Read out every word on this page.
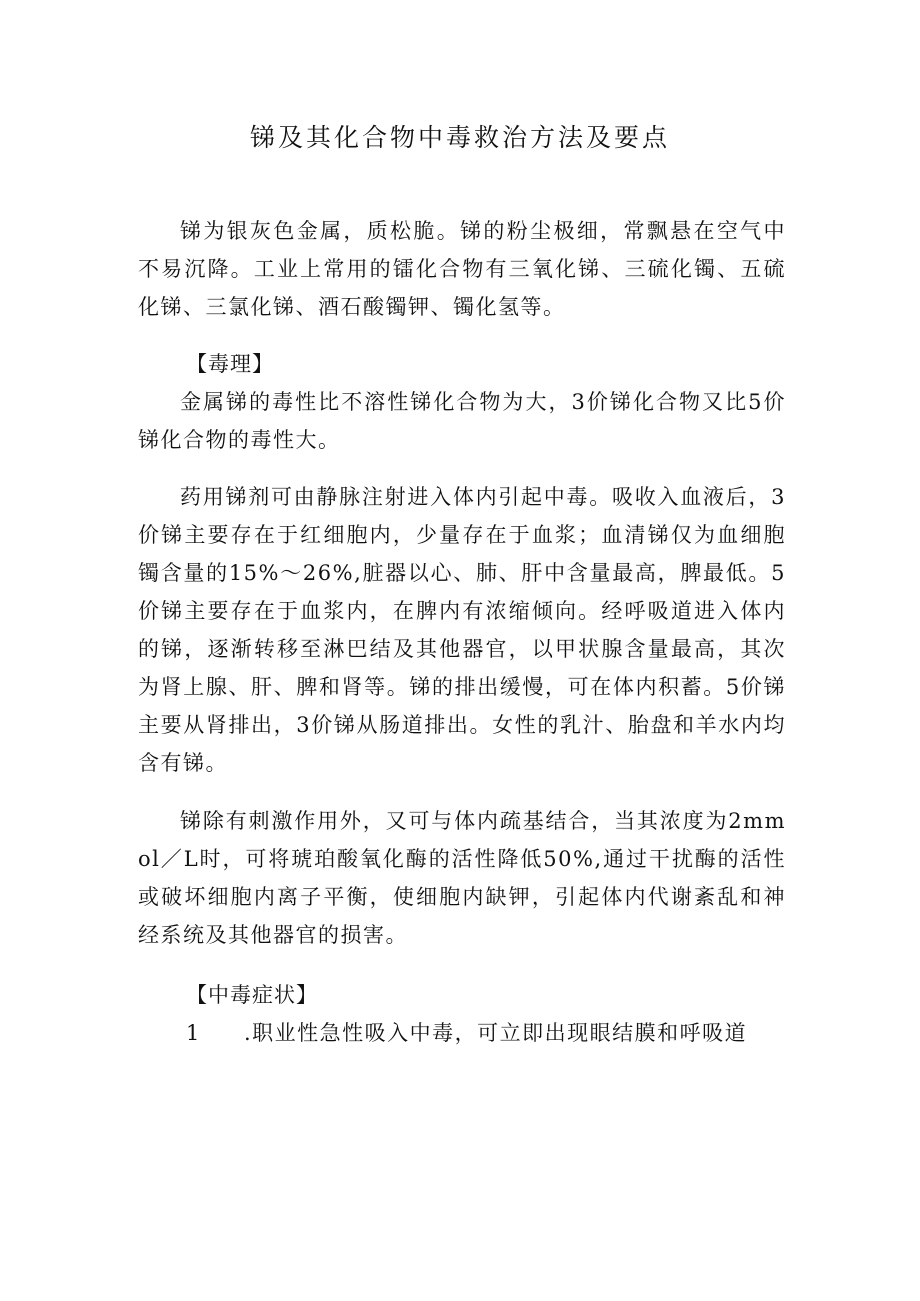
锑及其化合物中毒救治方法及要点

锑为银灰色金属，质松脆。锑的粉尘极细，常飘悬在空气中不易沉降。工业上常用的镭化合物有三氧化锑、三硫化镯、五硫化锑、三氯化锑、酒石酸镯钾、镯化氢等。

【毒理】

金属锑的毒性比不溶性锑化合物为大，3价锑化合物又比5价锑化合物的毒性大。

药用锑剂可由静脉注射进入体内引起中毒。吸收入血液后，3价锑主要存在于红细胞内，少量存在于血浆；血清锑仅为血细胞镯含量的15%～26%,脏器以心、肺、肝中含量最高，脾最低。5价锑主要存在于血浆内，在脾内有浓缩倾向。经呼吸道进入体内的锑，逐渐转移至淋巴结及其他器官，以甲状腺含量最高，其次为肾上腺、肝、脾和肾等。锑的排出缓慢，可在体内积蓄。5价锑主要从肾排出，3价锑从肠道排出。女性的乳汁、胎盘和羊水内均含有锑。

锑除有刺激作用外，又可与体内疏基结合，当其浓度为2mmol／L时，可将琥珀酸氧化酶的活性降低50%,通过干扰酶的活性或破坏细胞内离子平衡，使细胞内缺钾，引起体内代谢紊乱和神经系统及其他器官的损害。

【中毒症状】

1 .职业性急性吸入中毒，可立即出现眼结膜和呼吸道
